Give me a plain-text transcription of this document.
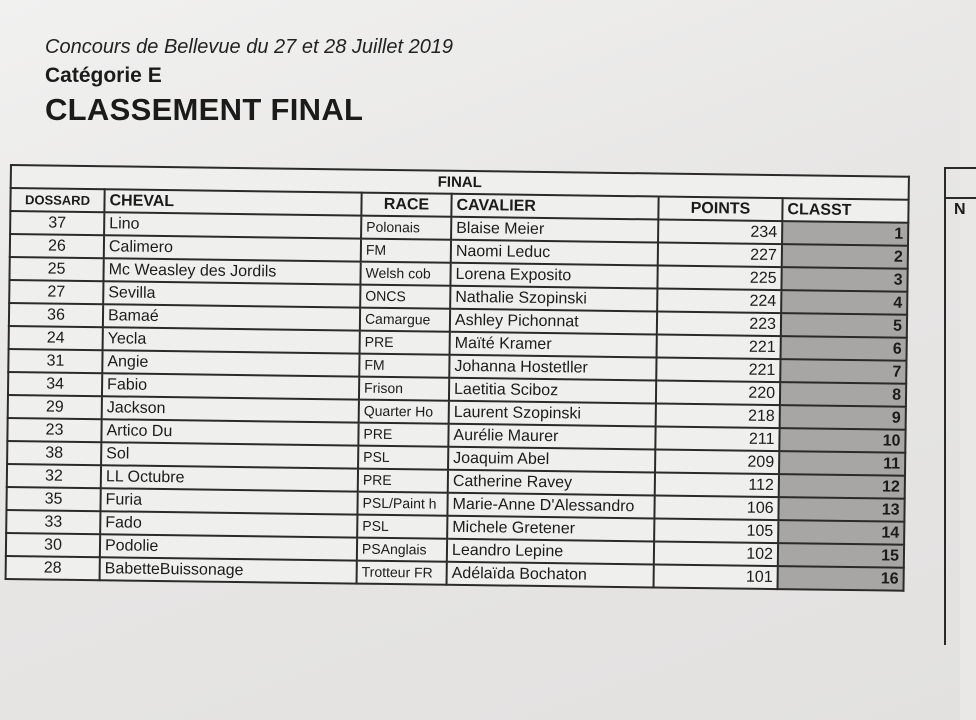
Concours de Bellevue du 27 et 28 Juillet 2019
Catégorie E
CLASSEMENT FINAL
FINAL					
DOSSARD	CHEVAL	RACE	CAVALIER	POINTS	CLASST
37	Lino	Polonais	Blaise Meier	234	1
26	Calimero	FM	Naomi Leduc	227	2
25	Mc Weasley des Jordils	Welsh cob	Lorena Exposito	225	3
27	Sevilla	ONCS	Nathalie Szopinski	224	4
36	Bamaé	Camargue	Ashley Pichonnat	223	5
24	Yecla	PRE	Maïté Kramer	221	6
31	Angie	FM	Johanna Hostetller	221	7
34	Fabio	Frison	Laetitia Sciboz	220	8
29	Jackson	Quarter Ho	Laurent Szopinski	218	9
23	Artico Du	PRE	Aurélie Maurer	211	10
38	Sol	PSL	Joaquim Abel	209	11
32	LL Octubre	PRE	Catherine Ravey	112	12
35	Furia	PSL/Paint h	Marie-Anne D'Alessandro	106	13
33	Fado	PSL	Michele Gretener	105	14
30	Podolie	PSAnglais	Leandro Lepine	102	15
28	BabetteBuissonage	Trotteur FR	Adélaïda Bochaton	101	16
N
